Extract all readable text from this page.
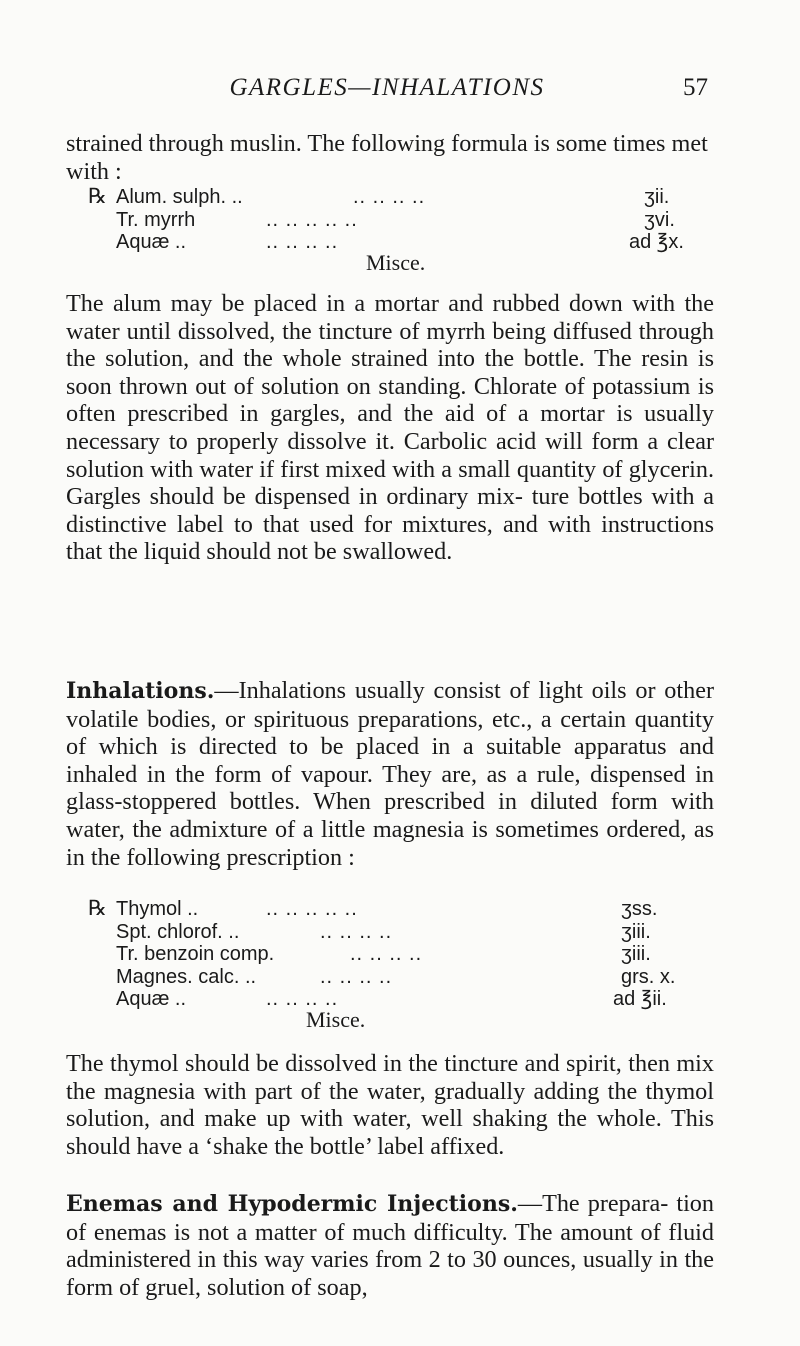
GARGLES—INHALATIONS	57

strained through muslin. The following formula is some times met with :

℞ Alum. sulph. ..	.. .. .. ..	ʒii.
Tr. myrrh	.. .. .. .. ..	ʒvi.
Aquæ ..	.. .. .. ..	ad ℥x.
Misce.

The alum may be placed in a mortar and rubbed down with the water until dissolved, the tincture of myrrh being diffused through the solution, and the whole strained into the bottle. The resin is soon thrown out of solution on standing. Chlorate of potassium is often prescribed in gargles, and the aid of a mortar is usually necessary to properly dissolve it. Carbolic acid will form a clear solution with water if first mixed with a small quantity of glycerin. Gargles should be dispensed in ordinary mix- ture bottles with a distinctive label to that used for mixtures, and with instructions that the liquid should not be swallowed.

Inhalations.—Inhalations usually consist of light oils or other volatile bodies, or spirituous preparations, etc., a certain quantity of which is directed to be placed in a suitable apparatus and inhaled in the form of vapour. They are, as a rule, dispensed in glass-stoppered bottles. When prescribed in diluted form with water, the admixture of a little magnesia is sometimes ordered, as in the following prescription :

℞ Thymol ..	.. .. .. .. ..	ʒss.
Spt. chlorof. ..	.. .. .. ..	ʒiii.
Tr. benzoin comp.	.. .. .. ..	ʒiii.
Magnes. calc. ..	.. .. .. ..	grs. x.
Aquæ ..	.. .. .. ..	ad ℥ii.
Misce.

The thymol should be dissolved in the tincture and spirit, then mix the magnesia with part of the water, gradually adding the thymol solution, and make up with water, well shaking the whole. This should have a ‘shake the bottle’ label affixed.

Enemas and Hypodermic Injections.—The prepara- tion of enemas is not a matter of much difficulty. The amount of fluid administered in this way varies from 2 to 30 ounces, usually in the form of gruel, solution of soap,
